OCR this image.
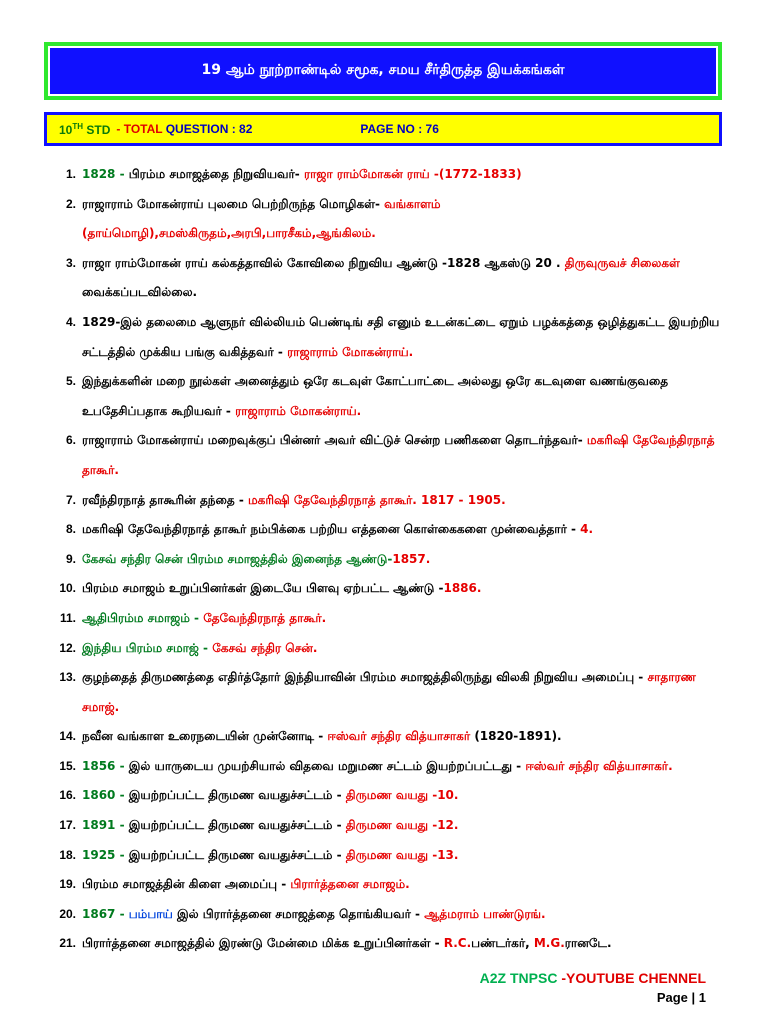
19 ஆம் நூற்றாண்டில் சமூக, சமய சீர்திருத்த இயக்கங்கள்
10TH STD - TOTAL QUESTION : 82	PAGE NO : 76
1. 1828 - பிரம்ம சமாஜத்தை நிறுவியவர்- ராஜா ராம்மோகன் ராய் -(1772-1833)
2. ராஜாராம் மோகன்ராய் புலமை பெற்றிருந்த மொழிகள்- வங்காளம் (தாய்மொழி),சமஸ்கிருதம்,அரபி,பாரசீகம்,ஆங்கிலம்.
3. ராஜா ராம்மோகன் ராய் கல்கத்தாவில் கோவிலை நிறுவிய ஆண்டு -1828 ஆகஸ்டு 20 . திருவுருவச் சிலைகள் வைக்கப்படவில்லை.
4. 1829-இல் தலைமை ஆளுநர் வில்லியம் பெண்டிங் சதி எனும் உடன்கட்டை ஏறும் பழக்கத்தை ஒழித்துகட்ட இயற்றிய சட்டத்தில் முக்கிய பங்கு வகித்தவர் - ராஜாராம் மோகன்ராய்.
5. இந்துக்களின் மறை நூல்கள் அனைத்தும் ஒரே கடவுள் கோட்பாட்டை அல்லது ஒரே கடவுளை வணங்குவதை உபதேசிப்பதாக கூறியவர் - ராஜாராம் மோகன்ராய்.
6. ராஜாராம் மோகன்ராய் மறைவுக்குப் பின்னர் அவர் விட்டுச் சென்ற பணிகளை தொடர்ந்தவர்- மகரிஷி தேவேந்திரநாத் தாகூர்.
7. ரவீந்திரநாத் தாகூரின் தந்தை - மகரிஷி தேவேந்திரநாத் தாகூர். 1817 - 1905.
8. மகரிஷி தேவேந்திரநாத் தாகூர் நம்பிக்கை பற்றிய எத்தனை கொள்கைகளை முன்வைத்தார் - 4.
9. கேசவ் சந்திர சென் பிரம்ம சமாஜத்தில் இனைந்த ஆண்டு-1857.
10. பிரம்ம சமாஜம் உறுப்பினர்கள் இடையே பிளவு ஏற்பட்ட ஆண்டு -1886.
11. ஆதிபிரம்ம சமாஜம் - தேவேந்திரநாத் தாகூர்.
12. இந்திய பிரம்ம சமாஜ் - கேசவ் சந்திர சென்.
13. குழந்தைத் திருமணத்தை எதிர்த்தோர் இந்தியாவின் பிரம்ம சமாஜத்திலிருந்து விலகி நிறுவிய அமைப்பு - சாதாரண சமாஜ்.
14. நவீன வங்காள உரைநடையின் முன்னோடி - ஈஸ்வர் சந்திர வித்யாசாகர் (1820-1891).
15. 1856 - இல் யாருடைய முயற்சியால் விதவை மறுமண சட்டம் இயற்றப்பட்டது - ஈஸ்வர் சந்திர வித்யாசாகர்.
16. 1860 - இயற்றப்பட்ட திருமண வயதுச்சட்டம் - திருமண வயது -10.
17. 1891 - இயற்றப்பட்ட திருமண வயதுச்சட்டம் - திருமண வயது -12.
18. 1925 - இயற்றப்பட்ட திருமண வயதுச்சட்டம் - திருமண வயது -13.
19. பிரம்ம சமாஜத்தின் கிளை அமைப்பு - பிரார்த்தனை சமாஜம்.
20. 1867 - பம்பாய் இல் பிரார்த்தனை சமாஜத்தை தொங்கியவர் - ஆத்மராம் பாண்டுரங்.
21. பிரார்த்தனை சமாஜத்தில் இரண்டு மேன்மை மிக்க உறுப்பினர்கள் - R.C.பண்டர்கர், M.G.ரானடே.
A2Z TNPSC -YOUTUBE CHENNEL
Page | 1
